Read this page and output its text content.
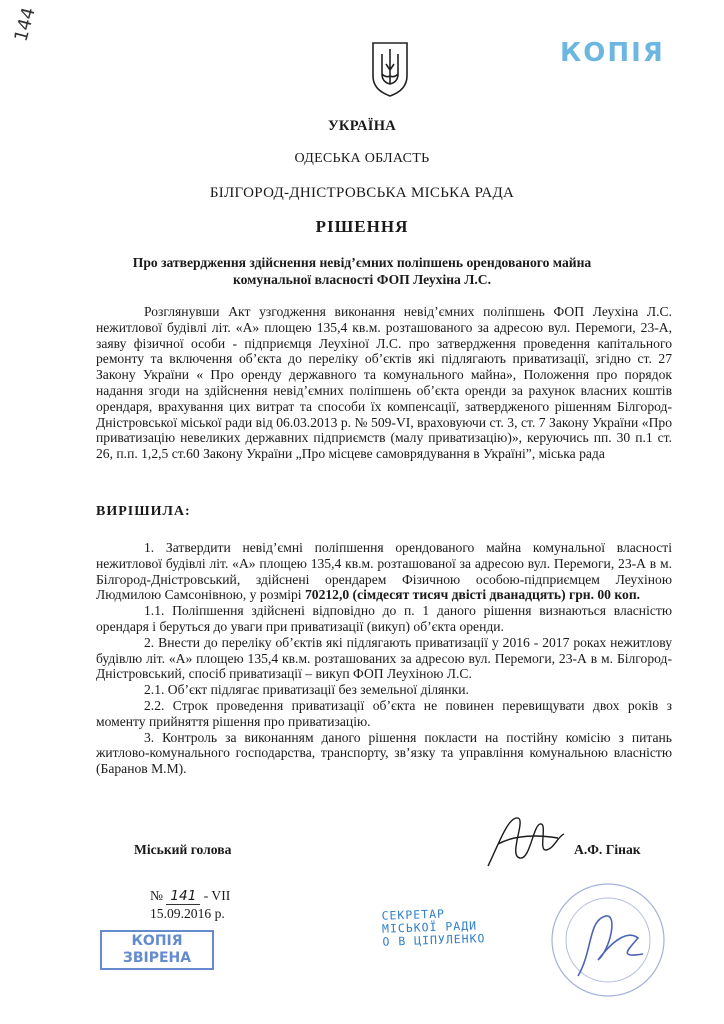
144
КОПІЯ
УКРАЇНА
ОДЕСЬКА ОБЛАСТЬ
БІЛГОРОД-ДНІСТРОВСЬКА МІСЬКА РАДА
РІШЕННЯ
Про затвердження здійснення невід’ємних поліпшень орендованого майна
комунальної власності ФОП Леухіна Л.С.

Розглянувши Акт узгодження виконання невід’ємних поліпшень ФОП Леухіна Л.С. нежитлової будівлі літ. «А» площею 135,4 кв.м. розташованого за адресою вул. Перемоги, 23-А, заяву фізичної особи - підприємця Леухіної Л.С. про затвердження проведення капітального ремонту та включення об’єкта до переліку об’єктів які підлягають приватизації, згідно ст. 27 Закону України « Про оренду державного та комунального майна», Положення про порядок надання згоди на здійснення невід’ємних поліпшень об’єкта оренди за рахунок власних коштів орендаря, врахування цих витрат та способи їх компенсації, затвердженого рішенням Білгород-Дністровської міської ради від 06.03.2013 р. № 509-VI, враховуючи ст. 3, ст. 7 Закону України «Про приватизацію невеликих державних підприємств (малу приватизацію)», керуючись пп. 30 п.1 ст. 26, п.п. 1,2,5 ст.60 Закону України „Про місцеве самоврядування в Україні”, міська рада

ВИРІШИЛА:

1. Затвердити невід’ємні поліпшення орендованого майна комунальної власності нежитлової будівлі літ. «А» площею 135,4 кв.м. розташованої за адресою вул. Перемоги, 23-А в м. Білгород-Дністровський, здійснені орендарем Фізичною особою-підприємцем Леухіною Людмилою Самсонівною, у розмірі 70212,0 (сімдесят тисяч двісті дванадцять) грн. 00 коп.

1.1. Поліпшення здійснені відповідно до п. 1 даного рішення визнаються власністю орендаря і беруться до уваги при приватизації (викуп) об’єкта оренди.

2. Внести до переліку об’єктів які підлягають приватизації у 2016 - 2017 роках нежитлову будівлю літ. «А» площею 135,4 кв.м. розташованих за адресою вул. Перемоги, 23-А в м. Білгород-Дністровський, спосіб приватизації – викуп ФОП Леухіною Л.С.

2.1. Об’єкт підлягає приватизації без земельної ділянки.

2.2. Строк проведення приватизації об’єкта не повинен перевищувати двох років з моменту прийняття рішення про приватизацію.

3. Контроль за виконанням даного рішення покласти на постійну комісію з питань житлово-комунального господарства, транспорту, зв’язку та управління комунальною власністю (Баранов М.М).

Міський голова	А.Ф. Гінак
№ 141 - VII
15.09.2016 р.
КОПІЯ
ЗВІРЕНА
СЕКРЕТАР
МІСЬКОЇ РАДИ
О В ЦІПУЛЕНКО
